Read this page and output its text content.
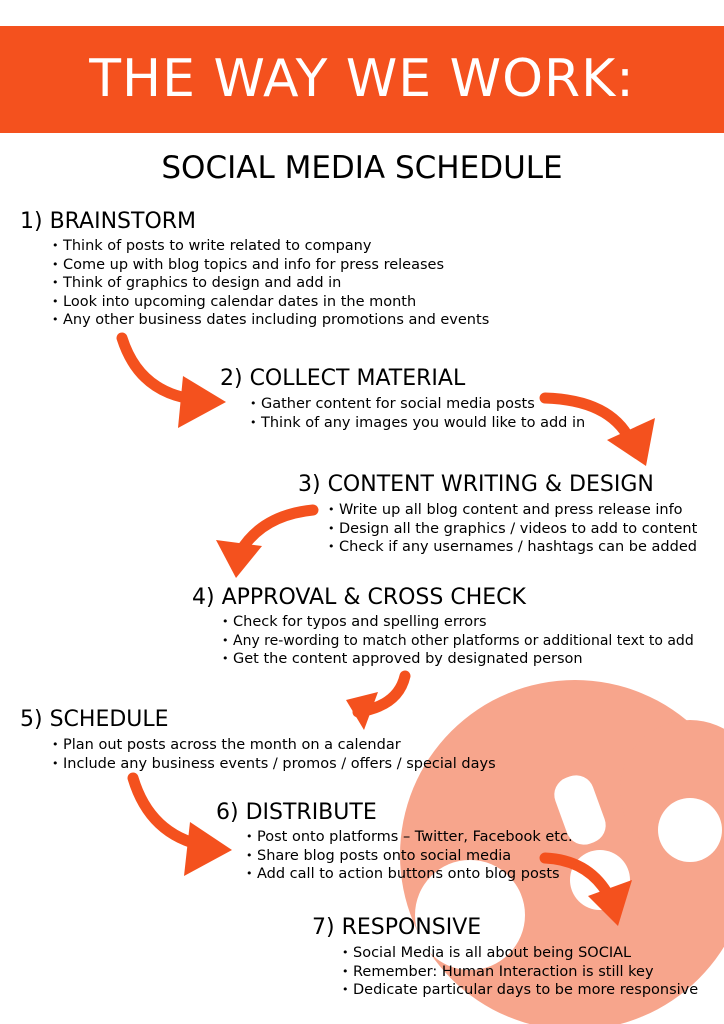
THE WAY WE WORK:
SOCIAL MEDIA SCHEDULE
1) BRAINSTORM
• Think of posts to write related to company
• Come up with blog topics and info for press releases
• Think of graphics to design and add in
• Look into upcoming calendar dates in the month
• Any other business dates including promotions and events
2) COLLECT MATERIAL
• Gather content for social media posts
• Think of any images you would like to add in
3) CONTENT WRITING & DESIGN
• Write up all blog content and press release info
• Design all the graphics / videos to add to content
• Check if any usernames / hashtags can be added
4) APPROVAL & CROSS CHECK
• Check for typos and spelling errors
• Any re-wording to match other platforms or additional text to add
• Get the content approved by designated person
5) SCHEDULE
• Plan out posts across the month on a calendar
• Include any business events / promos / offers / special days
6) DISTRIBUTE
• Post onto platforms – Twitter, Facebook etc.
• Share blog posts onto social media
• Add call to action buttons onto blog posts
7) RESPONSIVE
• Social Media is all about being SOCIAL
• Remember: Human Interaction is still key
• Dedicate particular days to be more responsive
